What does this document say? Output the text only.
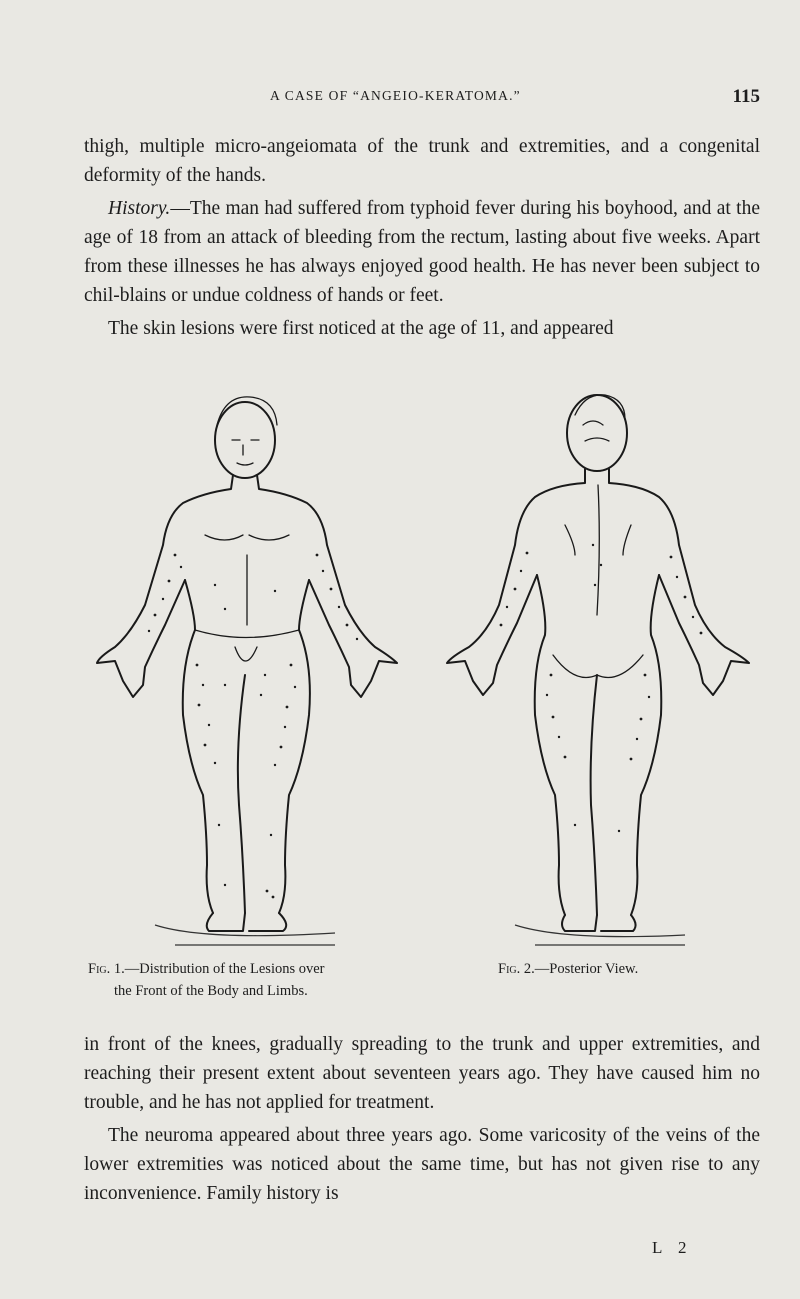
A CASE OF “ANGEIO-KERATOMA.”	115

thigh, multiple micro-angeiomata of the trunk and extremities, and a congenital deformity of the hands.

History.—The man had suffered from typhoid fever during his boyhood, and at the age of 18 from an attack of bleeding from the rectum, lasting about five weeks. Apart from these illnesses he has always enjoyed good health. He has never been subject to chil-blains or undue coldness of hands or feet.

The skin lesions were first noticed at the age of 11, and appeared

Fig. 1.—Distribution of the Lesions over
the Front of the Body and Limbs.
Fig. 2.—Posterior View.

in front of the knees, gradually spreading to the trunk and upper extremities, and reaching their present extent about seventeen years ago. They have caused him no trouble, and he has not applied for treatment.

The neuroma appeared about three years ago. Some varicosity of the veins of the lower extremities was noticed about the same time, but has not given rise to any inconvenience. Family history is

L 2
